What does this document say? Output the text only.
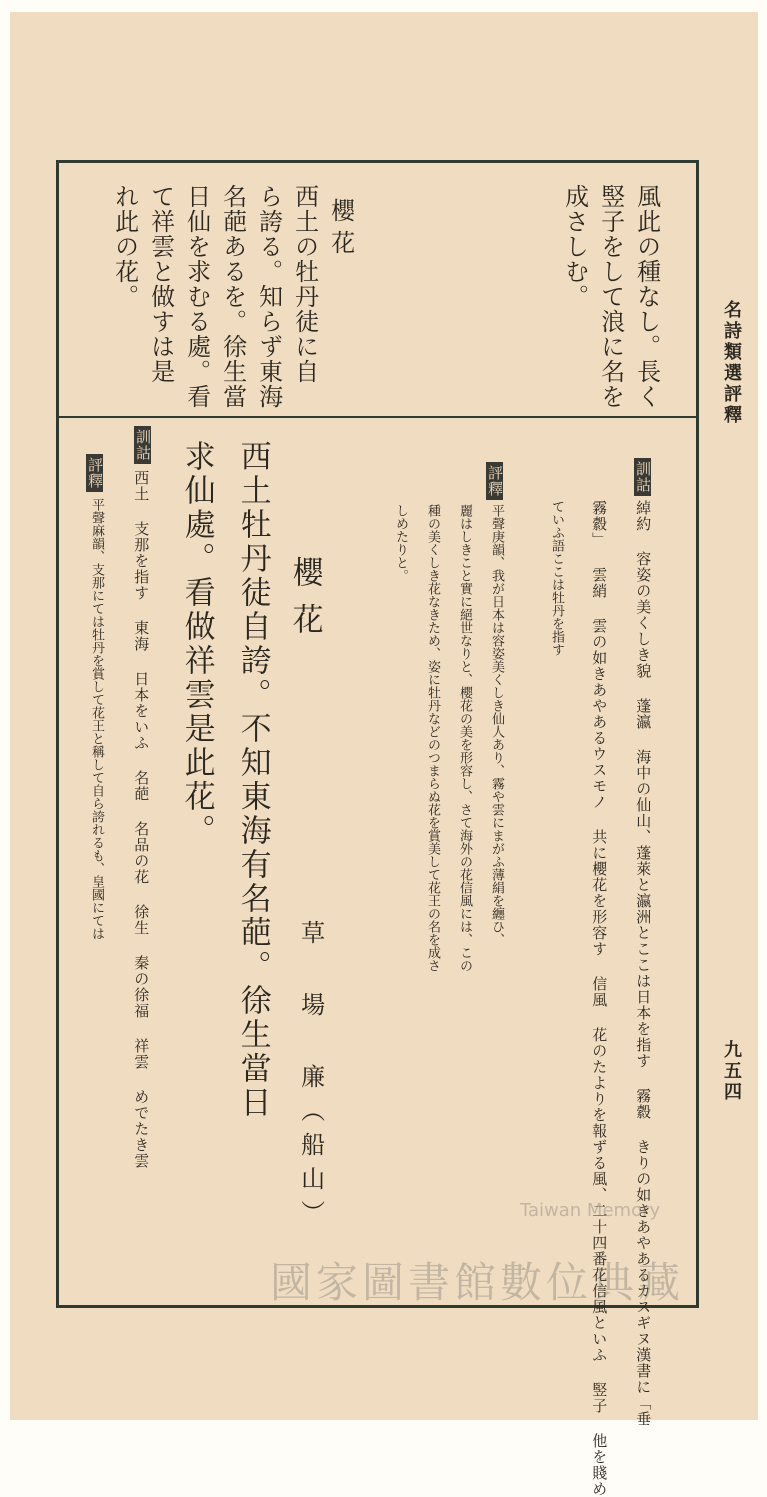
名詩類選評釋
九五四
風此の種なし。長く
竪子をして浪に名を
成さしむ。
櫻花
西土の牡丹徒に自
ら誇る。知らず東海
名葩あるを。徐生當
日仙を求むる處。看
て祥雲と做すは是
れ此の花。
訓詁
綽約 容姿の美くしき貌 蓬瀛 海中の仙山、蓬萊と瀛洲とここは日本を指す 霧縠 きりの如きあやあるカスギヌ漢書に「垂
霧縠」 雲綃 雲の如きあやあるウスモノ 共に櫻花を形容す 信風 花のたよりを報ずる風、二十四番花信風といふ 竪子 他を賤め
ていふ語ここは牡丹を指す
評釋
平聲庚韻、我が日本は容姿美くしき仙人あり、霧や雲にまがふ薄絹を纏ひ、
麗はしきこと實に絕世なりと、櫻花の美を形容し、さて海外の花信風には、この
種の美くしき花なきため、姿に牡丹などのつまらぬ花を賞美して花王の名を成さ
しめたりと。
櫻花
草 場 廉（船山）
西土牡丹徒自誇。不知東海有名葩。徐生當日
求仙處。看做祥雲是此花。
訓詁
西土 支那を指す 東海 日本をいふ 名葩 名品の花 徐生 秦の徐福 祥雲 めでたき雲
評釋
平聲麻韻、支那にては牡丹を賞して花王と稱して自ら誇れるも、皇國にては
國家圖書館數位典藏
Taiwan Memory
